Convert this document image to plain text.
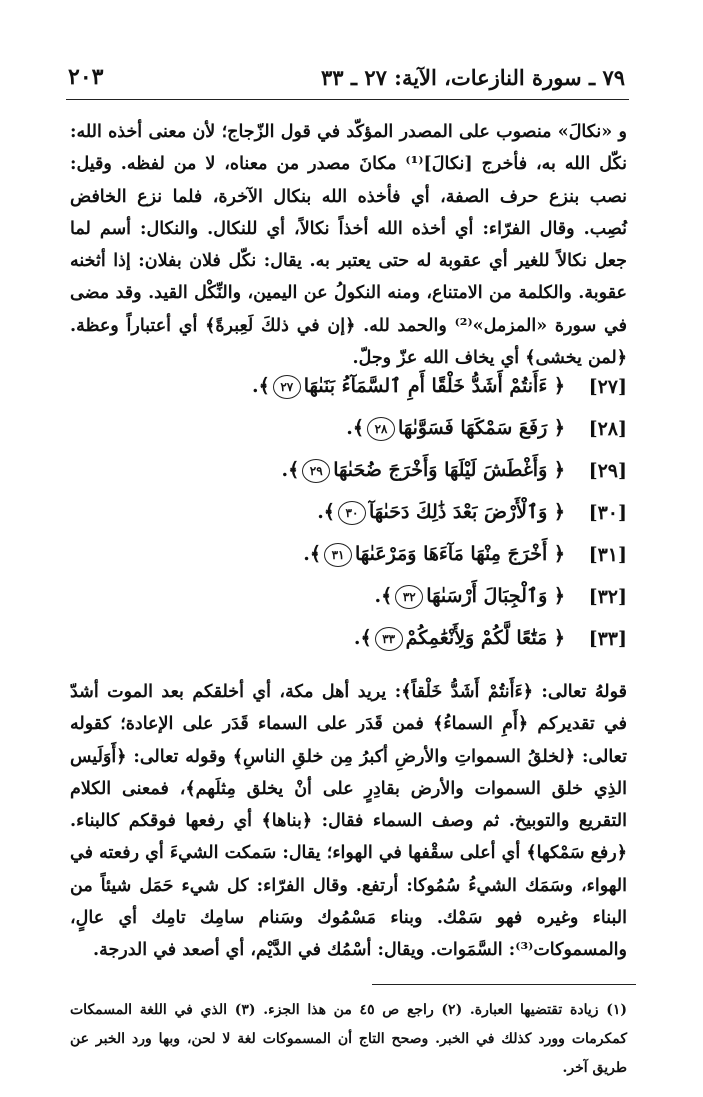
٧٩ ـ سورة النازعات، الآية: ٢٧ ـ ٣٣
٢٠٣

و «نكالَ» منصوب على المصدر المؤكّد في قول الزّجاج؛ لأن معنى أخذه الله: نكّل الله به، فأخرج [نكالَ]⁽¹⁾ مكانَ مصدر من معناه، لا من لفظه. وقيل: نصب بنزع حرف الصفة، أي فأخذه الله بنكال الآخرة، فلما نزع الخافض نُصِب. وقال الفرّاء: أي أخذه الله أخذاً نكالاً، أي للنكال. والنكال: أسم لما جعل نكالاً للغير أي عقوبة له حتى يعتبر به. يقال: نكّل فلان بفلان: إذا أثخنه عقوبة. والكلمة من الامتناع، ومنه النكولُ عن اليمين، والنِّكْل القيد. وقد مضى في سورة «المزمل»⁽²⁾ والحمد لله. ﴿إن في ذلكَ لَعِبرةً﴾ أي أعتباراً وعظة. ﴿لمن يخشى﴾ أي يخاف الله عزّ وجلّ.

[٢٧]
﴿ ءَأَنتُمْ أَشَدُّ خَلْقًا أَمِ ٱلسَّمَآءُ بَنَىٰهَا٢٧﴾.
[٢٨]
﴿ رَفَعَ سَمْكَهَا فَسَوَّىٰهَا٢٨﴾.
[٢٩]
﴿ وَأَغْطَشَ لَيْلَهَا وَأَخْرَجَ ضُحَىٰهَا٢٩﴾.
[٣٠]
﴿ وَٱلْأَرْضَ بَعْدَ ذَٰلِكَ دَحَىٰهَآ٣٠﴾.
[٣١]
﴿ أَخْرَجَ مِنْهَا مَآءَهَا وَمَرْعَىٰهَا٣١﴾.
[٣٢]
﴿ وَٱلْجِبَالَ أَرْسَىٰهَا٣٢﴾.
[٣٣]
﴿ مَتَٰعًا لَّكُمْ وَلِأَنْعَٰمِكُمْ٣٣﴾.

قولهُ تعالى: ﴿ءَأَنتُمْ أَشَدُّ خَلْقاً﴾: يريد أهل مكة، أي أخلقكم بعد الموت أشدّ في تقديركم ﴿أَمِ السماءُ﴾ فمن قَدَر على السماء قَدَر على الإعادة؛ كقوله تعالى: ﴿لخلقُ السمواتِ والأرضِ أكبرُ مِن خلقِ الناسِ﴾ وقوله تعالى: ﴿أَوَلَيس الذِي خلق السموات والأرض بقادِرٍ على أنْ يخلق مِثلَهم﴾، فمعنى الكلام التقريع والتوبيخ. ثم وصف السماء فقال: ﴿بناها﴾ أي رفعها فوقكم كالبناء. ﴿رفع سَمْكها﴾ أي أعلى سقْفها في الهواء؛ يقال: سَمكت الشيءَ أي رفعته في الهواء، وسَمَك الشيءُ سُمُوكا: أرتفع. وقال الفرّاء: كل شيء حَمَل شيئاً من البناء وغيره فهو سَمْك. وبناء مَسْمُوك وسَنام سامِك تامِك أي عالٍ، والمسموكات⁽³⁾: السَّمَوات. ويقال: أسْمُك في الدَّيْم، أي أصعد في الدرجة.

(١) زيادة تقتضيها العبارة. (٢) راجع ص ٤٥ من هذا الجزء. (٣) الذي في اللغة المسمكات كمكرمات وورد كذلك في الخبر. وصحح التاج أن المسموكات لغة لا لحن، وبها ورد الخبر عن طريق آخر.
